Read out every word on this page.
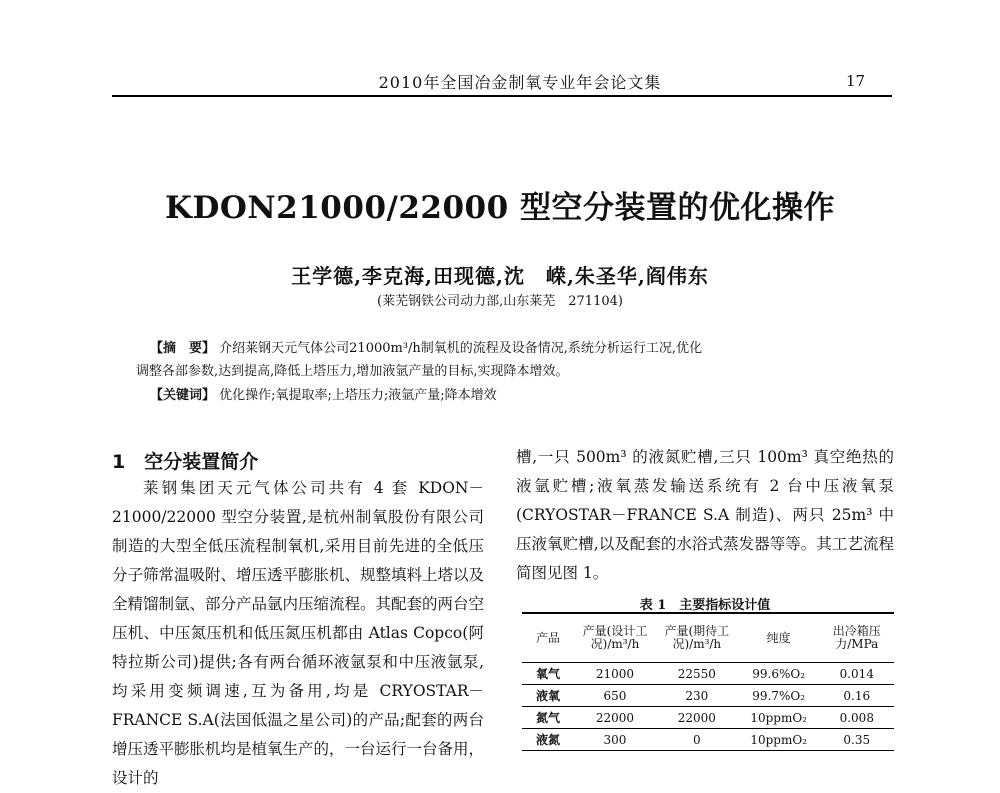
2010年全国冶金制氧专业年会论文集	17
KDON21000/22000 型空分装置的优化操作
王学德,李克海,田现德,沈　嵘,朱圣华,阎伟东
(莱芜钢铁公司动力部,山东莱芜　271104)
【摘　要】 介绍莱钢天元气体公司21000m³/h制氧机的流程及设备情况,系统分析运行工况,优化
调整各部参数,达到提高,降低上塔压力,增加液氩产量的目标,实现降本增效。
【关键词】 优化操作;氧提取率;上塔压力;液氩产量;降本增效
1　空分装置简介
莱钢集团天元气体公司共有 4 套 KDON－21000/22000 型空分装置,是杭州制氧股份有限公司制造的大型全低压流程制氧机,采用目前先进的全低压分子筛常温吸附、增压透平膨胀机、规整填料上塔以及全精馏制氩、部分产品氩内压缩流程。其配套的两台空压机、中压氮压机和低压氮压机都由 Atlas Copco(阿特拉斯公司)提供;各有两台循环液氩泵和中压液氩泵,均采用变频调速,互为备用,均是 CRYOSTAR－FRANCE S.A(法国低温之星公司)的产品;配套的两台增压透平膨胀机均是植氧生产的，一台运行一台备用，设计的
槽,一只 500m³ 的液氮贮槽,三只 100m³ 真空绝热的液氩贮槽;液氧蒸发输送系统有 2 台中压液氧泵(CRYOSTAR－FRANCE S.A 制造)、两只 25m³ 中压液氧贮槽,以及配套的水浴式蒸发器等等。其工艺流程简图见图 1。
表 1　主要指标设计值
产品	产量(设计工况)/m³/h	产量(期待工况)/m³/h	纯度	出冷箱压力/MPa
氧气	21000	22550	99.6%O₂	0.014
液氧	650	230	99.7%O₂	0.16
氮气	22000	22000	10ppmO₂	0.008
液氮	300	0	10ppmO₂	0.35
